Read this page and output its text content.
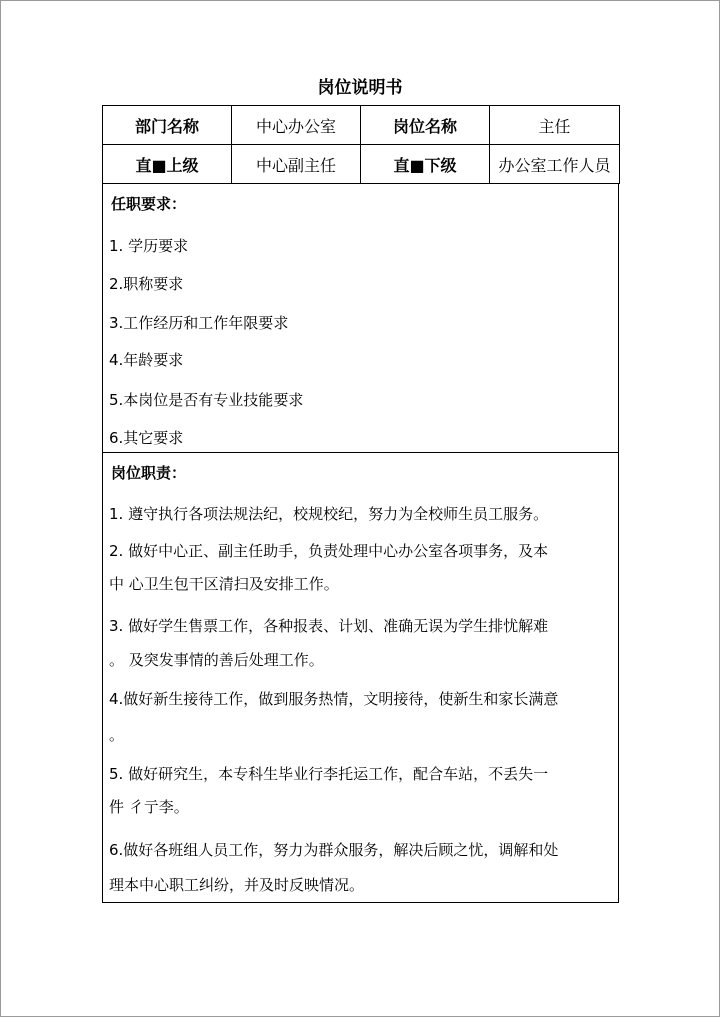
岗位说明书
部门名称	中心办公室	岗位名称	主任
直■上级	中心副主任	直■下级	办公室工作人员
任职要求：
1. 学历要求
2.职称要求
3.工作经历和工作年限要求
4.年龄要求
5.本岗位是否有专业技能要求
6.其它要求
岗位职责：
1. 遵守执行各项法规法纪，校规校纪，努力为全校师生员工服务。
2. 做好中心正、副主任助手，负责处理中心办公室各项事务，及本
中 心卫生包干区清扫及安排工作。
3. 做好学生售票工作，各种报表、计划、准确无误为学生排忧解难
。 及突发事情的善后处理工作。
4.做好新生接待工作，做到服务热情，文明接待，使新生和家长满意
。
5. 做好研究生，本专科生毕业行李托运工作，配合车站，不丢失一
件 彳亍李。
6.做好各班组人员工作，努力为群众服务，解决后顾之忧，调解和处
理本中心职工纠纷，并及时反映情况。
